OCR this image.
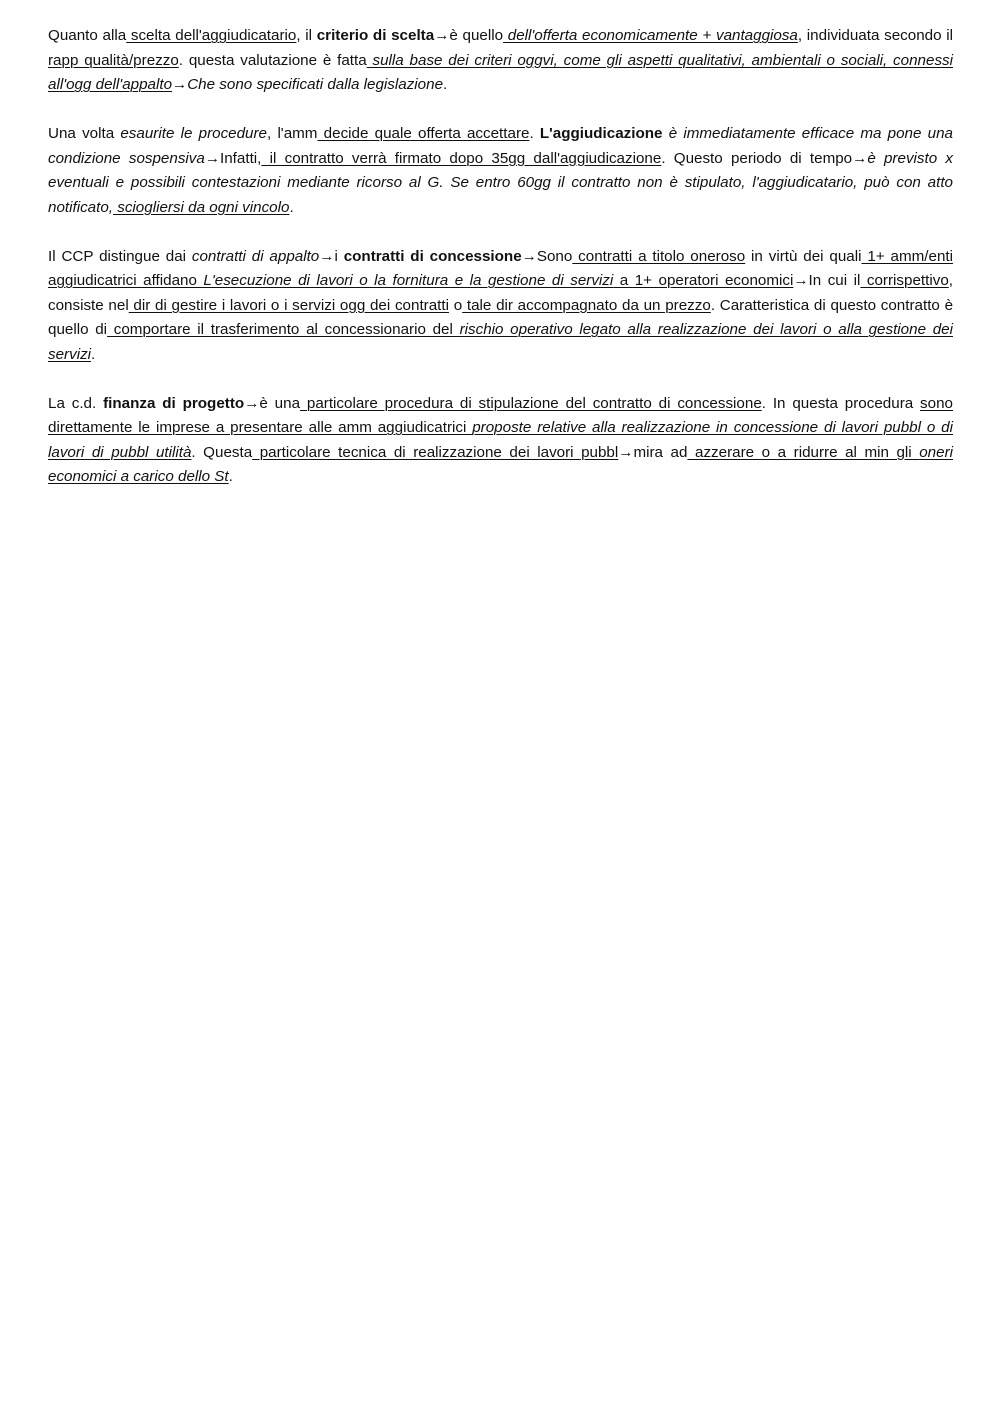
Quanto alla scelta dell'aggiudicatario, il criterio di scelta→è quello dell'offerta economicamente + vantaggiosa, individuata secondo il rapp qualità/prezzo. questa valutazione è fatta sulla base dei criteri oggvi, come gli aspetti qualitativi, ambientali o sociali, connessi all'ogg dell'appalto→Che sono specificati dalla legislazione.

Una volta esaurite le procedure, l'amm decide quale offerta accettare. L'aggiudicazione è immediatamente efficace ma pone una condizione sospensiva→Infatti, il contratto verrà firmato dopo 35gg dall'aggiudicazione. Questo periodo di tempo→è previsto x eventuali e possibili contestazioni mediante ricorso al G. Se entro 60gg il contratto non è stipulato, l'aggiudicatario, può con atto notificato, sciogliersi da ogni vincolo.

Il CCP distingue dai contratti di appalto→i contratti di concessione→Sono contratti a titolo oneroso in virtù dei quali 1+ amm/enti aggiudicatrici affidano L'esecuzione di lavori o la fornitura e la gestione di servizi a 1+ operatori economici→In cui il corrispettivo, consiste nel dir di gestire i lavori o i servizi ogg dei contratti o tale dir accompagnato da un prezzo. Caratteristica di questo contratto è quello di comportare il trasferimento al concessionario del rischio operativo legato alla realizzazione dei lavori o alla gestione dei servizi.

La c.d. finanza di progetto→è una particolare procedura di stipulazione del contratto di concessione. In questa procedura sono direttamente le imprese a presentare alle amm aggiudicatrici proposte relative alla realizzazione in concessione di lavori pubbl o di lavori di pubbl utilità. Questa particolare tecnica di realizzazione dei lavori pubbl→mira ad azzerare o a ridurre al min gli oneri economici a carico dello St.
